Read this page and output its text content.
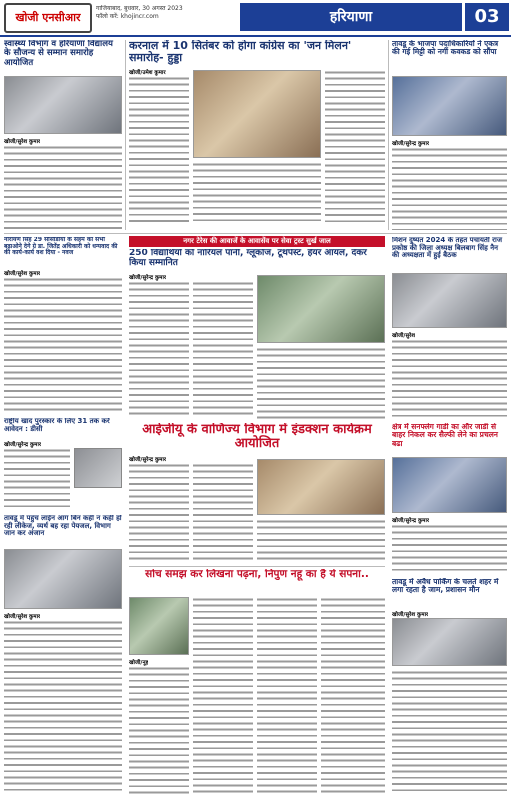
खोजी एनसीआर
गाजियाबाद, बुधवार, 30 अगस्त 2023
फॉलो करें: khojincr.com	हरियाणा	03
स्वास्थ्य विभाग व हरियाणा विद्यालय के सौजन्य से सम्मान समारोह आयोजित
खोजी/सुरेश कुमार
करनाल में 10 सितंबर को होगा कांग्रेस का 'जन मिलन' समारोह- हुड्डा
खोजी/उमेश कुमार
तावडू के भाजपा पदाधिकारियों ने एकत्र की गई मिट्टी को नगीं कवकड को सौंपा
खोजी/सुरेन्द्र कुमार
नारायण सिंह 29 सीसीडीयों के सहमे को सभी बढ़ाओने देगे ग्रे डा. जितेंद्र अधिकारी को धन्यवाद की की कार्य-कार्य वश दिया - नवज
खोजी/सुरेश कुमार
नगर टेरेस की आवाजें के आवासेंव पर सेवा ट्रस्ट सुर्ख जाल
250 विद्यार्थियों को नारियल पानी, ग्लूकोज, टूथपेस्ट, हेयर आयल, देकर किया सम्मानित
खोजी/सुरेन्द्र कुमार
मिशन दुष्यंत 2024 के तहत पंचायती राज प्रकोष्ठ की जिला अध्यक्ष बिलबाग सिंह नैन की अध्यक्षता में हुई बैठक
खोजी/सुरेश
राष्ट्रीय खाद पुरस्कार के लिए 31 तक करें आवेदन : डीसी
खोजी/सुरेन्द्र कुमार
आईजीयू के वाणिज्य विभाग में इंडक्शन कार्यक्रम आयोजित
खोजी/सुरेन्द्र कुमार
क्षेत्र में सनफ्लेग गाडी का और जाडी से बाहर निकल कर सैल्फी लेने का प्रचलन बढा
खोजी/सुरेन्द्र कुमार
तावडू में पहुंच लाईन आग बिन कहीं न कहीं हो रही लीकेज, व्यर्थ बह रहा पेयजल, विभाग जान कर अंजान
खोजी/सुरेश कुमार
सोच समझ कर लिखना पढ़ना, निपुण नहू का है ये सपना..
खोजी/नूह
तावडू में अवैध पार्किंग के चलते शहर में लगा रहता है जाम, प्रशासन मौन
खोजी/सुरेश कुमार
